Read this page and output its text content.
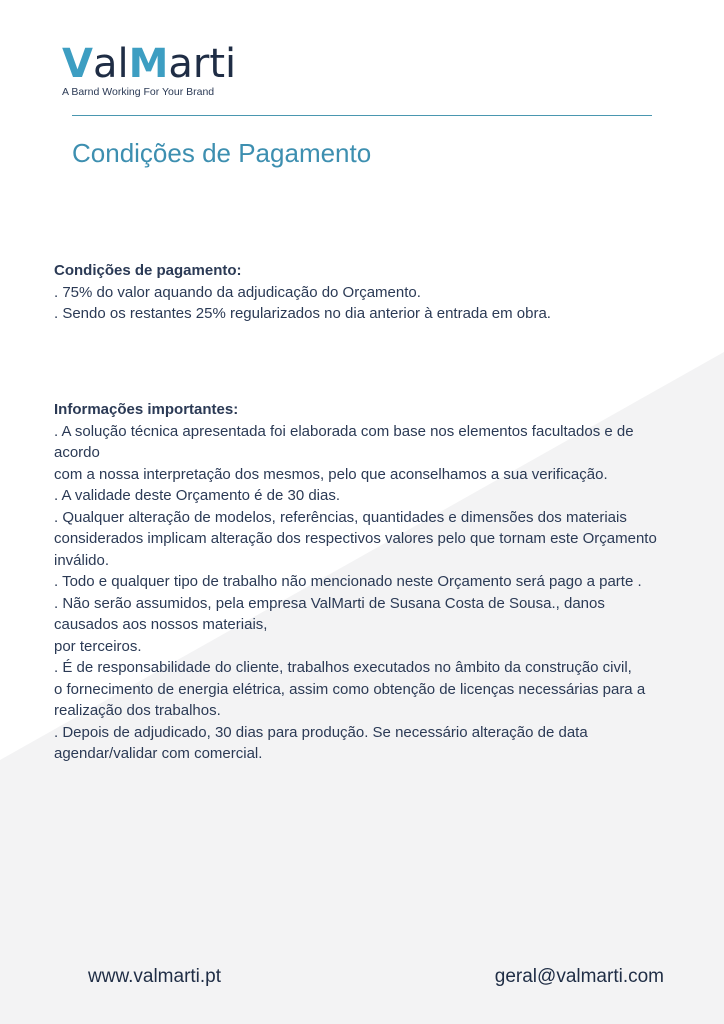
ValMarti
A Barnd Working For Your Brand
Condições de Pagamento

Condições de pagamento:

. 75% do valor aquando da adjudicação do Orçamento.

. Sendo os restantes 25% regularizados no dia anterior à entrada em obra.

Informações importantes:

. A solução técnica apresentada foi elaborada com base nos elementos facultados e de acordo

com a nossa interpretação dos mesmos, pelo que aconselhamos a sua verificação.

. A validade deste Orçamento é de 30 dias.

. Qualquer alteração de modelos, referências, quantidades e dimensões dos materiais

considerados implicam alteração dos respectivos valores pelo que tornam este Orçamento inválido.

. Todo e qualquer tipo de trabalho não mencionado neste Orçamento será pago a parte .

. Não serão assumidos, pela empresa ValMarti de Susana Costa de Sousa., danos causados aos nossos materiais,

por terceiros.

. É de responsabilidade do cliente, trabalhos executados no âmbito da construção civil,

o fornecimento de energia elétrica, assim como obtenção de licenças necessárias para a realização dos trabalhos.

. Depois de adjudicado, 30 dias para produção. Se necessário alteração de data agendar/validar com comercial.

www.valmarti.pt	geral@valmarti.com
